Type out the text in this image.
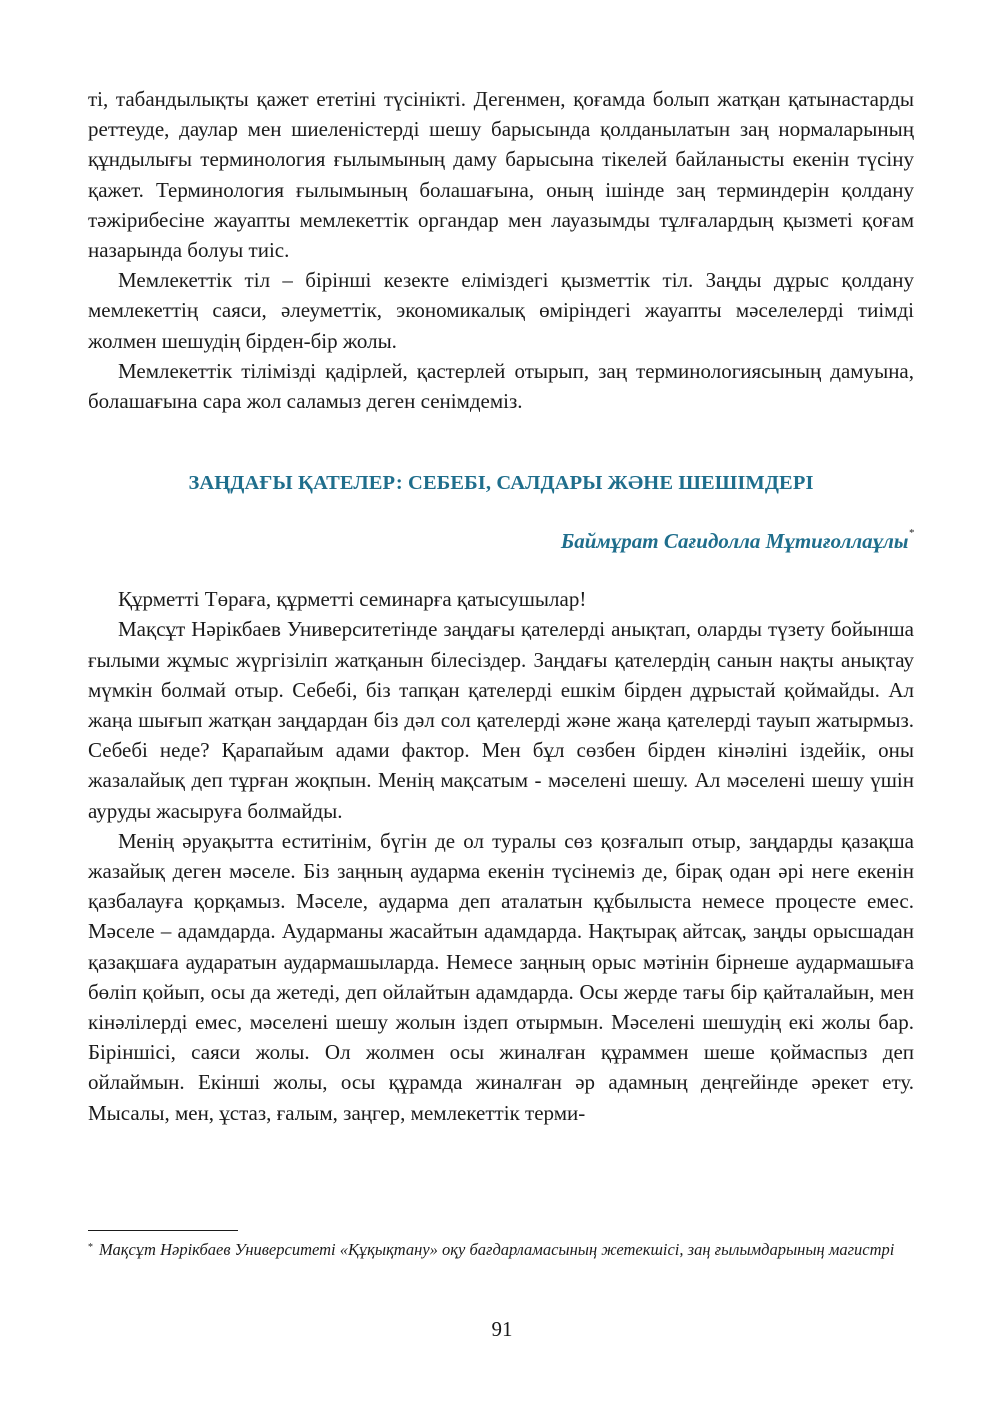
ті, табандылықты қажет ететіні түсінікті. Дегенмен, қоғамда болып жатқан қатынастарды реттеуде, даулар мен шиеленістерді шешу барысында қолданылатын заң нормаларының құндылығы терминология ғылымының даму барысына тікелей байланысты екенін түсіну қажет. Терминология ғылымының болашағына, оның ішінде заң терминдерін қолдану тәжірибесіне жауапты мемлекеттік органдар мен лауазымды тұлғалардың қызметі қоғам назарында болуы тиіс.

Мемлекеттік тіл – бірінші кезекте еліміздегі қызметтік тіл. Заңды дұрыс қолдану мемлекеттің саяси, әлеуметтік, экономикалық өміріндегі жауапты мәселелерді тиімді жолмен шешудің бірден-бір жолы.

Мемлекеттік тілімізді қадірлей, қастерлей отырып, заң терминологиясының дамуына, болашағына сара жол саламыз деген сенімдеміз.

ЗАҢДАҒЫ ҚАТЕЛЕР: СЕБЕБІ, САЛДАРЫ ЖӘНЕ ШЕШІМДЕРІ
Баймұрат Сағидолла Мұтиғоллаұлы*

Құрметті Төраға, құрметті семинарға қатысушылар!

Мақсұт Нәрікбаев Университетінде заңдағы қателерді анықтап, оларды түзету бойынша ғылыми жұмыс жүргізіліп жатқанын білесіздер. Заңдағы қателердің санын нақты анықтау мүмкін болмай отыр. Себебі, біз тапқан қателерді ешкім бірден дұрыстай қоймайды. Ал жаңа шығып жатқан заңдардан біз дәл сол қателерді және жаңа қателерді тауып жатырмыз. Себебі неде? Қарапайым адами фактор. Мен бұл сөзбен бірден кінәліні іздейік, оны жазалайық деп тұрған жоқпын. Менің мақсатым - мәселені шешу. Ал мәселені шешу үшін ауруды жасыруға болмайды.

Менің әруақытта еститінім, бүгін де ол туралы сөз қозғалып отыр, заңдарды қазақша жазайық деген мәселе. Біз заңның аударма екенін түсінеміз де, бірақ одан әрі неге екенін қазбалауға қорқамыз. Мәселе, аударма деп аталатын құбылыста немесе процесте емес. Мәселе – адамдарда. Аударманы жасайтын адамдарда. Нақтырақ айтсақ, заңды орысшадан қазақшаға аударатын аудармашыларда. Немесе заңның орыс мәтінін бірнеше аудармашыға бөліп қойып, осы да жетеді, деп ойлайтын адамдарда. Осы жерде тағы бір қайталайын, мен кінәлілерді емес, мәселені шешу жолын іздеп отырмын. Мәселені шешудің екі жолы бар. Біріншісі, саяси жолы. Ол жолмен осы жиналған құраммен шеше қоймаспыз деп ойлаймын. Екінші жолы, осы құрамда жиналған әр адамның деңгейінде әрекет ету. Мысалы, мен, ұстаз, ғалым, заңгер, мемлекеттік терми-

* Мақсұт Нәрікбаев Университеті «Құқықтану» оқу бағдарламасының жетекшісі, заң ғылымдарының магистрі
91
